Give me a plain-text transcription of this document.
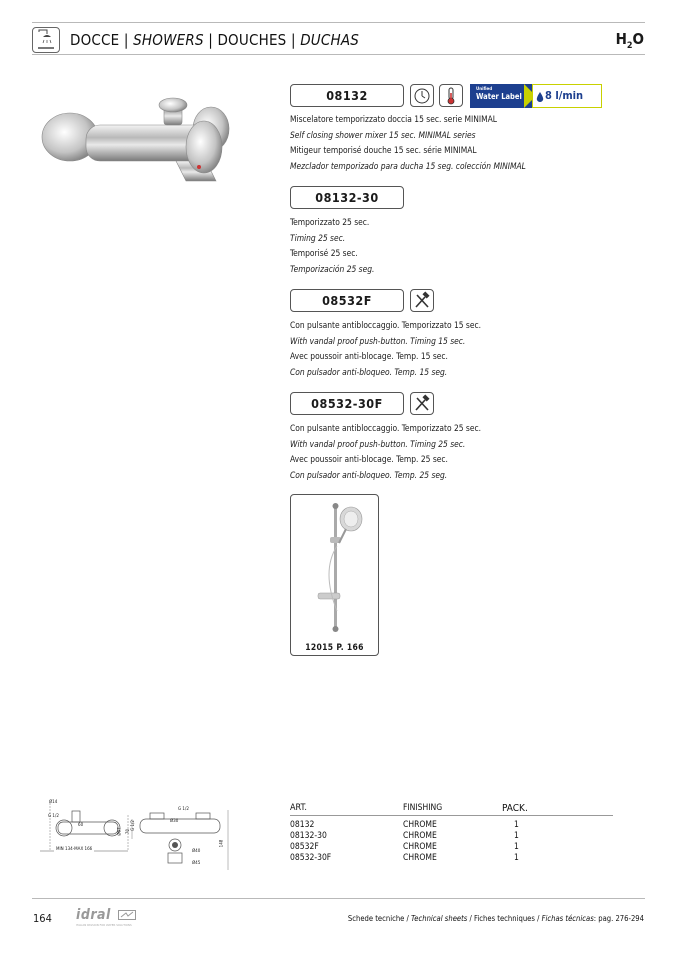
DOCCE | SHOWERS | DOUCHES | DUCHAS	$H_2O$
08132	Unified
Water Label 8 l/min
Miscelatore temporizzato doccia 15 sec. serie MINIMAL
Self closing shower mixer 15 sec. MINIMAL series
Mitigeur temporisé douche 15 sec. série MINIMAL
Mezclador temporizado para ducha 15 seg. colección MINIMAL
08132-30
Temporizzato 25 sec.
Timing 25 sec.
Temporisé 25 sec.
Temporización 25 seg.
08532F
Con pulsante antibloccaggio. Temporizzato 15 sec.
With vandal proof push-button. Timing 15 sec.
Avec poussoir anti-blocage. Temp. 15 sec.
Con pulsador anti-bloqueo. Temp. 15 seg.
08532-30F
Con pulsante antibloccaggio. Temporizzato 25 sec.
With vandal proof push-button. Timing 25 sec.
Avec poussoir anti-blocage. Temp. 25 sec.
Con pulsador anti-bloqueo. Temp. 25 seg.
12015 P. 166
Ø14
G 1/2
G 1/2
Ø30
70
Ø67
MIN 134-MAX 166	Ø40
Ø45
148
G 1/2
60
ART.	FINISHING	PACK.
08132	CHROME	1
08132-30	CHROME	1
08532F	CHROME	1
08532-30F	CHROME	1
164 idral
ITALIAN PASSION FOR WATER SOLUTIONS
Schede tecniche / Technical sheets / Fiches techniques / Fichas técnicas: pag. 276-294
